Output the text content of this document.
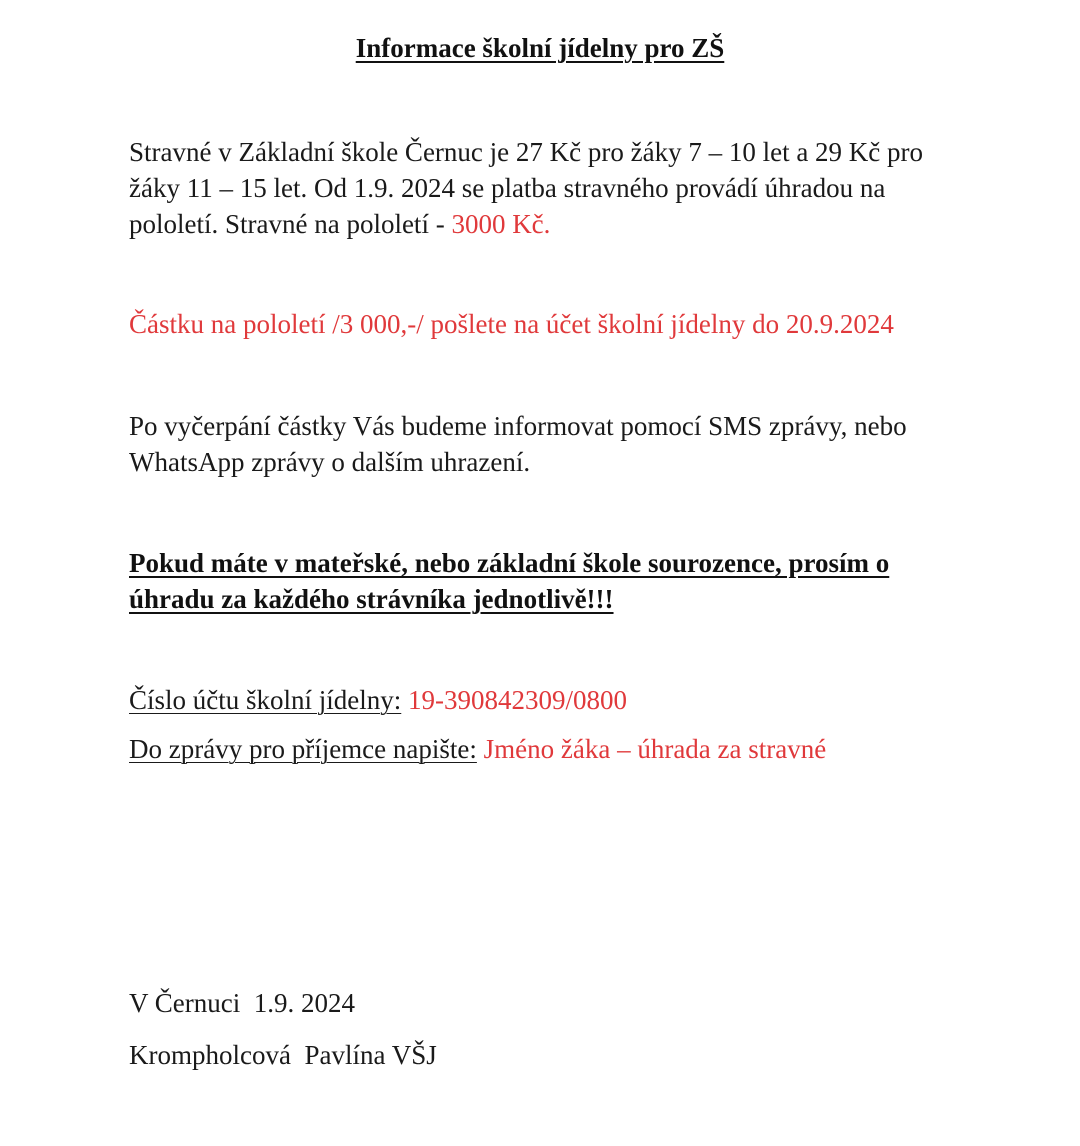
Informace školní jídelny pro ZŠ
Stravné v Základní škole Černuc je 27 Kč pro žáky 7 – 10 let a 29 Kč pro žáky 11 – 15 let. Od 1.9. 2024 se platba stravného provádí úhradou na pololetí. Stravné na pololetí - 3000 Kč.
Částku na pololetí /3 000,-/ pošlete na účet školní jídelny do 20.9.2024
Po vyčerpání částky Vás budeme informovat pomocí SMS zprávy, nebo WhatsApp zprávy o dalším uhrazení.
Pokud máte v mateřské, nebo základní škole sourozence, prosím o úhradu za každého strávníka jednotlivě!!!
Číslo účtu školní jídelny: 19-390842309/0800
Do zprávy pro příjemce napište: Jméno žáka – úhrada za stravné
V Černuci  1.9. 2024
Krompholcová  Pavlína VŠJ
